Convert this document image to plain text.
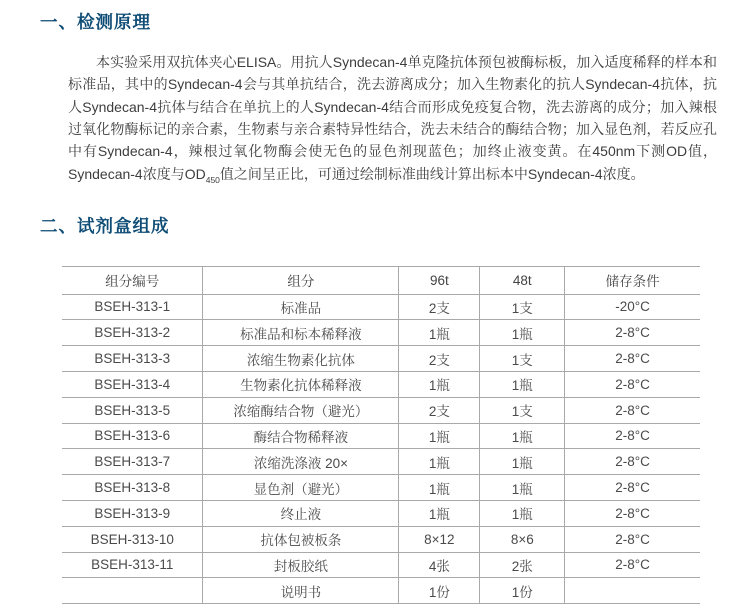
一、检测原理

本实验采用双抗体夹心ELISA。用抗人Syndecan-4单克隆抗体预包被酶标板，加入适度稀释的样本和标准品，其中的Syndecan-4会与其单抗结合，洗去游离成分；加入生物素化的抗人Syndecan-4抗体，抗人Syndecan-4抗体与结合在单抗上的人Syndecan-4结合而形成免疫复合物，洗去游离的成分；加入辣根过氧化物酶标记的亲合素，生物素与亲合素特异性结合，洗去未结合的酶结合物；加入显色剂，若反应孔中有Syndecan-4，辣根过氧化物酶会使无色的显色剂现蓝色；加终止液变黄。在450nm下测OD值，Syndecan-4浓度与$OD_{450}$值之间呈正比，可通过绘制标准曲线计算出标本中Syndecan-4浓度。

二、试剂盒组成
组分编号	组分	96t	48t	储存条件
BSEH-313-1	标准品	2支	1支	-20°C
BSEH-313-2	标准品和标本稀释液	1瓶	1瓶	2-8°C
BSEH-313-3	浓缩生物素化抗体	2支	1支	2-8°C
BSEH-313-4	生物素化抗体稀释液	1瓶	1瓶	2-8°C
BSEH-313-5	浓缩酶结合物（避光）	2支	1支	2-8°C
BSEH-313-6	酶结合物稀释液	1瓶	1瓶	2-8°C
BSEH-313-7	浓缩洗涤液 20×	1瓶	1瓶	2-8°C
BSEH-313-8	显色剂（避光）	1瓶	1瓶	2-8°C
BSEH-313-9	终止液	1瓶	1瓶	2-8°C
BSEH-313-10	抗体包被板条	8×12	8×6	2-8°C
BSEH-313-11	封板胶纸	4张	2张	2-8°C
	说明书	1份	1份	
